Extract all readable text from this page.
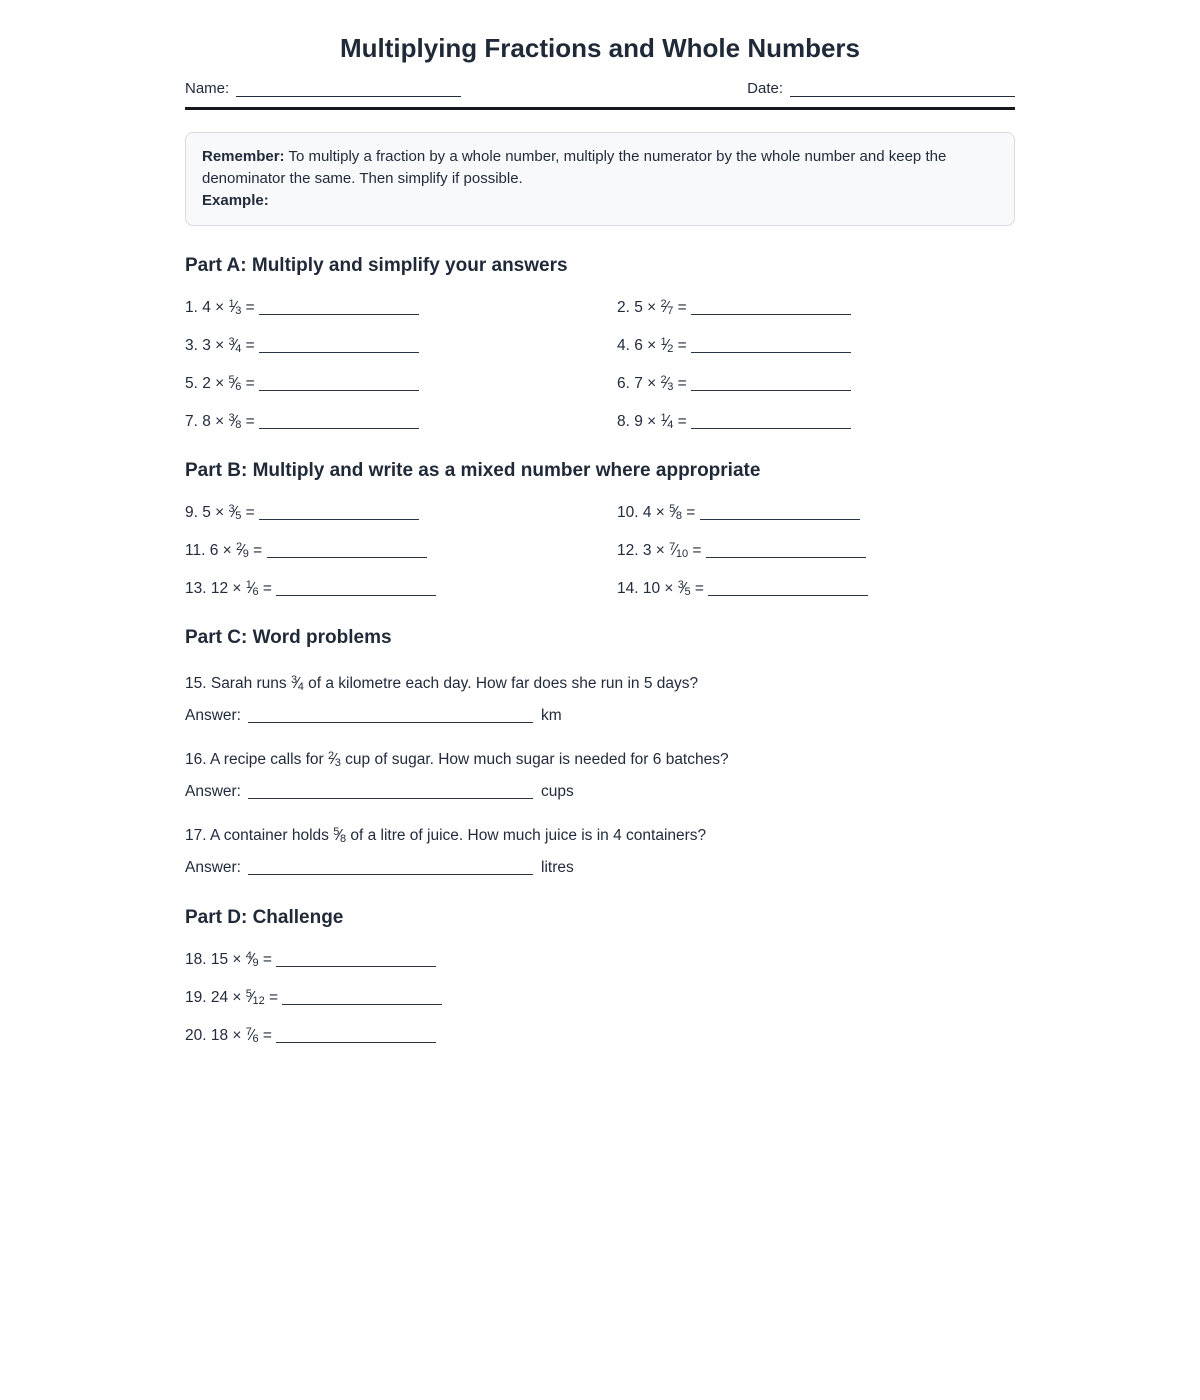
Multiplying Fractions and Whole Numbers
Name:	Date:

Remember: To multiply a fraction by a whole number, multiply the numerator by the whole number and keep the denominator the same. Then simplify if possible.

Example:

Part A: Multiply and simplify your answers
1. 4 × $^1$⁄3 =	2. 5 × $^2$⁄7 =
3. 3 × $^3$⁄4 =	4. 6 × $^1$⁄2 =
5. 2 × $^5$⁄6 =	6. 7 × $^2$⁄3 =
7. 8 × $^3$⁄8 =	8. 9 × $^1$⁄4 =
Part B: Multiply and write as a mixed number where appropriate
9. 5 × $^3$⁄5 =	10. 4 × $^5$⁄8 =
11. 6 × $^2$⁄9 =	12. 3 × $^7$⁄10 =
13. 12 × $^1$⁄6 =	14. 10 × $^3$⁄5 =
Part C: Word problems

15. Sarah runs $^3$⁄4 of a kilometre each day. How far does she run in 5 days?

Answer:	km

16. A recipe calls for $^2$⁄3 cup of sugar. How much sugar is needed for 6 batches?

Answer:	cups

17. A container holds $^5$⁄8 of a litre of juice. How much juice is in 4 containers?

Answer:	litres

Part D: Challenge
18. 15 × $^4$⁄9 =
19. 24 × $^5$⁄12 =
20. 18 × $^7$⁄6 =
